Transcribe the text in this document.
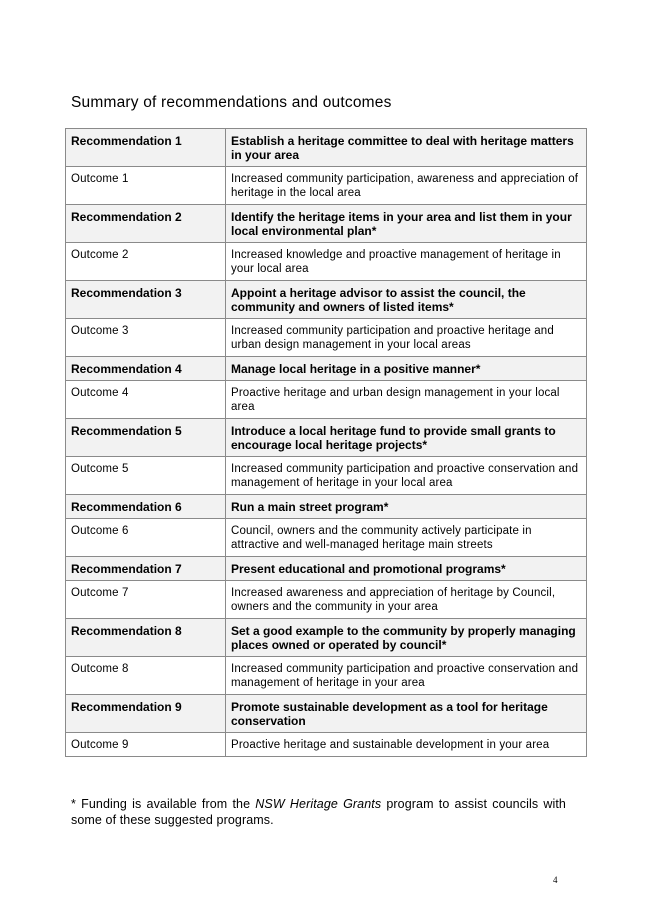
Summary of recommendations and outcomes
Recommendation 1	Establish a heritage committee to deal with heritage matters in your area
Outcome 1	Increased community participation, awareness and appreciation of heritage in the local area
Recommendation 2	Identify the heritage items in your area and list them in your local environmental plan*
Outcome 2	Increased knowledge and proactive management of heritage in your local area
Recommendation 3	Appoint a heritage advisor to assist the council, the community and owners of listed items*
Outcome 3	Increased community participation and proactive heritage and urban design management in your local areas
Recommendation 4	Manage local heritage in a positive manner*
Outcome 4	Proactive heritage and urban design management in your local area
Recommendation 5	Introduce a local heritage fund to provide small grants to encourage local heritage projects*
Outcome 5	Increased community participation and proactive conservation and management of heritage in your local area
Recommendation 6	Run a main street program*
Outcome 6	Council, owners and the community actively participate in attractive and well-managed heritage main streets
Recommendation 7	Present educational and promotional programs*
Outcome 7	Increased awareness and appreciation of heritage by Council, owners and the community in your area
Recommendation 8	Set a good example to the community by properly managing places owned or operated by council*
Outcome 8	Increased community participation and proactive conservation and management of heritage in your area
Recommendation 9	Promote sustainable development as a tool for heritage conservation
Outcome 9	Proactive heritage and sustainable development in your area
* Funding is available from the NSW Heritage Grants program to assist councils with some of these suggested programs.
4
